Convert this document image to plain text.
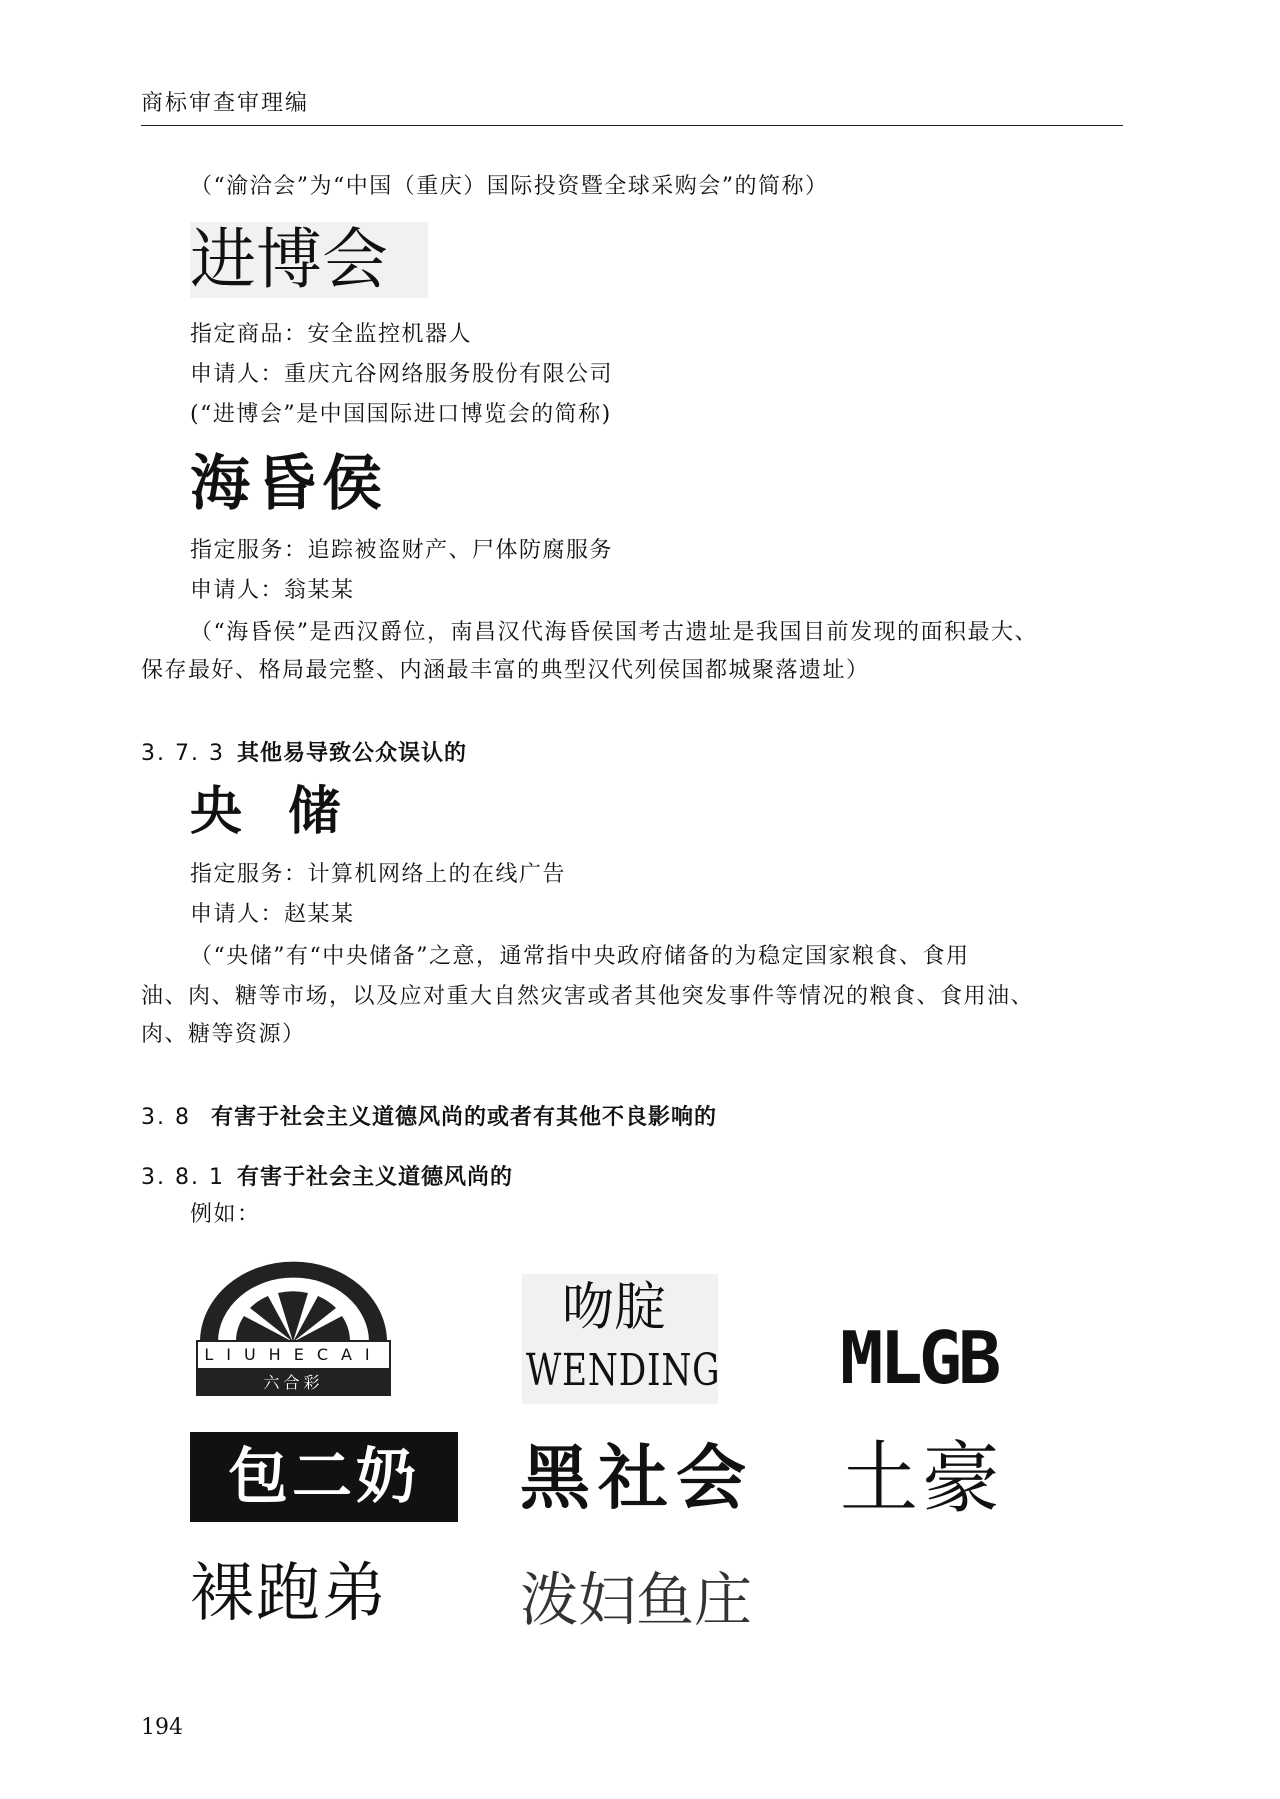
商标审查审理编
（“渝洽会”为“中国（重庆）国际投资暨全球采购会”的简称）
进博会
指定商品：安全监控机器人
申请人：重庆亢谷网络服务股份有限公司
(“进博会”是中国国际进口博览会的简称)
海昏侯
指定服务：追踪被盗财产、尸体防腐服务
申请人：翁某某
（“海昏侯”是西汉爵位，南昌汉代海昏侯国考古遗址是我国目前发现的面积最大、
保存最好、格局最完整、内涵最丰富的典型汉代列侯国都城聚落遗址）
3. 7. 3 其他易导致公众误认的
央 储
指定服务：计算机网络上的在线广告
申请人：赵某某
（“央储”有“中央储备”之意，通常指中央政府储备的为稳定国家粮食、食用
油、肉、糖等市场，以及应对重大自然灾害或者其他突发事件等情况的粮食、食用油、
肉、糖等资源）
3. 8 有害于社会主义道德风尚的或者有其他不良影响的
3. 8. 1 有害于社会主义道德风尚的
例如：
LIUHECAI
六合彩
吻腚
WENDING MLGB
包二奶	黑社会 土豪
裸跑弟 泼妇鱼庄
194
